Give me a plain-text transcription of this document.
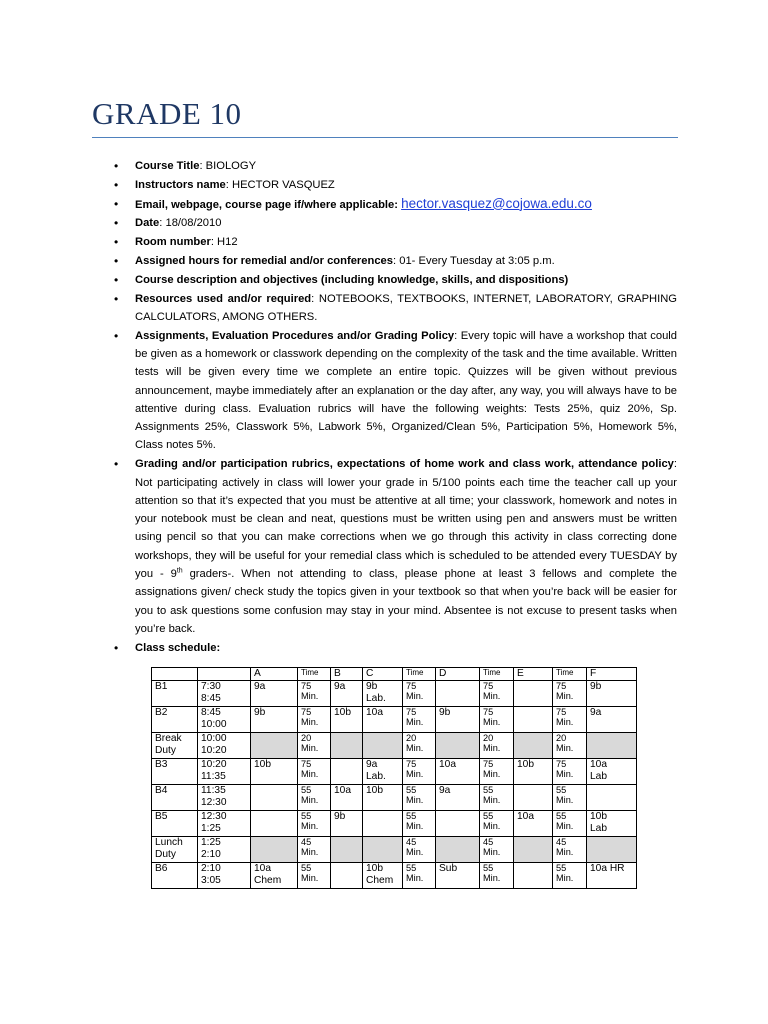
GRADE 10
• Course Title: BIOLOGY
• Instructors name: HECTOR VASQUEZ
• Email, webpage, course page if/where applicable: hector.vasquez@cojowa.edu.co
• Date: 18/08/2010
• Room number: H12
• Assigned hours for remedial and/or conferences: 01- Every Tuesday at 3:05 p.m.
• Course description and objectives (including knowledge, skills, and dispositions)
• Resources used and/or required: NOTEBOOKS, TEXTBOOKS, INTERNET, LABORATORY, GRAPHING CALCULATORS, AMONG OTHERS.
• Assignments, Evaluation Procedures and/or Grading Policy: Every topic will have a workshop that could be given as a homework or classwork depending on the complexity of the task and the time available. Written tests will be given every time we complete an entire topic. Quizzes will be given without previous announcement, maybe immediately after an explanation or the day after, any way, you will always have to be attentive during class. Evaluation rubrics will have the following weights: Tests 25%, quiz 20%, Sp. Assignments 25%, Classwork 5%, Labwork 5%, Organized/Clean 5%, Participation 5%, Homework 5%, Class notes 5%.
• Grading and/or participation rubrics, expectations of home work and class work, attendance policy: Not participating actively in class will lower your grade in 5/100 points each time the teacher call up your attention so that it’s expected that you must be attentive at all time; your classwork, homework and notes in your notebook must be clean and neat, questions must be written using pen and answers must be written using pencil so that you can make corrections when we go through this activity in class correcting done workshops, they will be useful for your remedial class which is scheduled to be attended every TUESDAY by you - 9th graders-. When not attending to class, please phone at least 3 fellows and complete the assignations given/ check study the topics given in your textbook so that when you’re back will be easier for you to ask questions some confusion may stay in your mind. Absentee is not excuse to present tasks when you’re back.
• Class schedule:
		A	Time	B	C	Time	D	Time	E	Time	F
B1	7:30
8:45	9a	75
Min.	9a	9b
Lab.	75
Min.		75
Min.		75
Min.	9b

B2	8:45
10:00	9b	75
Min.	10b	10a	75
Min.	9b	75
Min.		75
Min.	9a

Break
Duty	10:00
10:20		20
Min.			20
Min.		20
Min.		20
Min.	

B3	10:20
11:35	10b	75
Min.		9a
Lab.	75
Min.	10a	75
Min.	10b	75
Min.	10a
Lab

B4	11:35
12:30		55
Min.	10a	10b	55
Min.	9a	55
Min.		55
Min.	

B5	12:30
1:25		55
Min.	9b		55
Min.		55
Min.	10a	55
Min.	10b
Lab

Lunch
Duty	1:25
2:10		45
Min.			45
Min.		45
Min.		45
Min.	

B6	2:10
3:05	10a
Chem	55
Min.		10b
Chem	55
Min.	Sub	55
Min.		55
Min.	10a HR
